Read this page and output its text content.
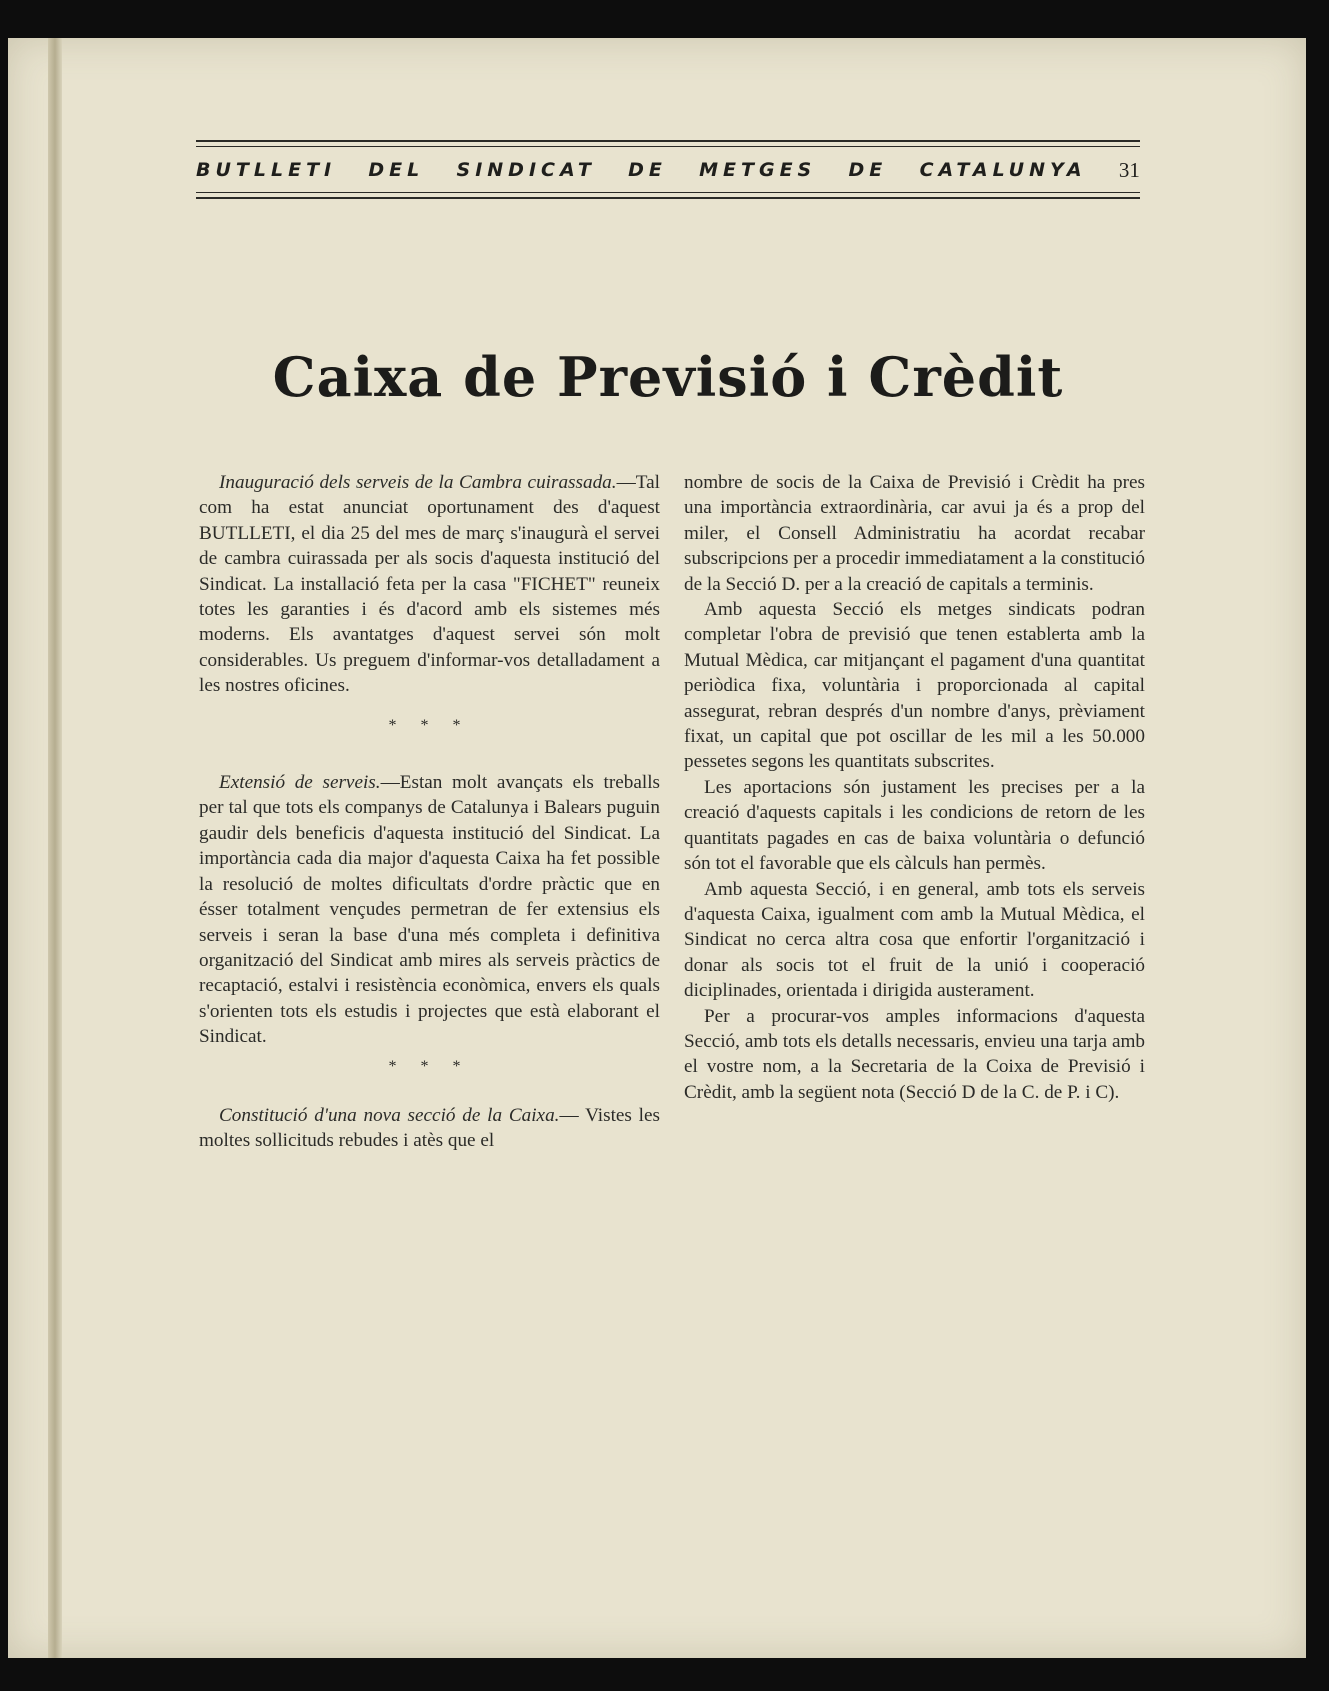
BUTLLETI DEL SINDICAT DE METGES DE CATALUNYA 31
Caixa de Previsió i Crèdit

Inauguració dels serveis de la Cambra cuirassada.—Tal com ha estat anunciat oportunament des d'aquest BUTLLETI, el dia 25 del mes de març s'inaugurà el servei de cambra cuirassada per als socis d'aquesta institució del Sindicat. La installació feta per la casa "FICHET" reuneix totes les garanties i és d'acord amb els sistemes més moderns. Els avantatges d'aquest servei són molt considerables. Us preguem d'informar-vos detalladament a les nostres oficines.

* * *

Extensió de serveis.—Estan molt avançats els treballs per tal que tots els companys de Catalunya i Balears puguin gaudir dels beneficis d'aquesta institució del Sindicat. La importància cada dia major d'aquesta Caixa ha fet possible la resolució de moltes dificultats d'ordre pràctic que en ésser totalment vençudes permetran de fer extensius els serveis i seran la base d'una més completa i definitiva organització del Sindicat amb mires als serveis pràctics de recaptació, estalvi i resistència econòmica, envers els quals s'orienten tots els estudis i projectes que està elaborant el Sindicat.

* * *

Constitució d'una nova secció de la Caixa.— Vistes les moltes sollicituds rebudes i atès que el

nombre de socis de la Caixa de Previsió i Crèdit ha pres una importància extraordinària, car avui ja és a prop del miler, el Consell Administratiu ha acordat recabar subscripcions per a procedir immediatament a la constitució de la Secció D. per a la creació de capitals a terminis.

Amb aquesta Secció els metges sindicats podran completar l'obra de previsió que tenen establerta amb la Mutual Mèdica, car mitjançant el pagament d'una quantitat periòdica fixa, voluntària i proporcionada al capital assegurat, rebran després d'un nombre d'anys, prèviament fixat, un capital que pot oscillar de les mil a les 50.000 pessetes segons les quantitats subscrites.

Les aportacions són justament les precises per a la creació d'aquests capitals i les condicions de retorn de les quantitats pagades en cas de baixa voluntària o defunció són tot el favorable que els càlculs han permès.

Amb aquesta Secció, i en general, amb tots els serveis d'aquesta Caixa, igualment com amb la Mutual Mèdica, el Sindicat no cerca altra cosa que enfortir l'organització i donar als socis tot el fruit de la unió i cooperació diciplinades, orientada i dirigida austerament.

Per a procurar-vos amples informacions d'aquesta Secció, amb tots els detalls necessaris, envieu una tarja amb el vostre nom, a la Secretaria de la Coixa de Previsió i Crèdit, amb la següent nota (Secció D de la C. de P. i C).
